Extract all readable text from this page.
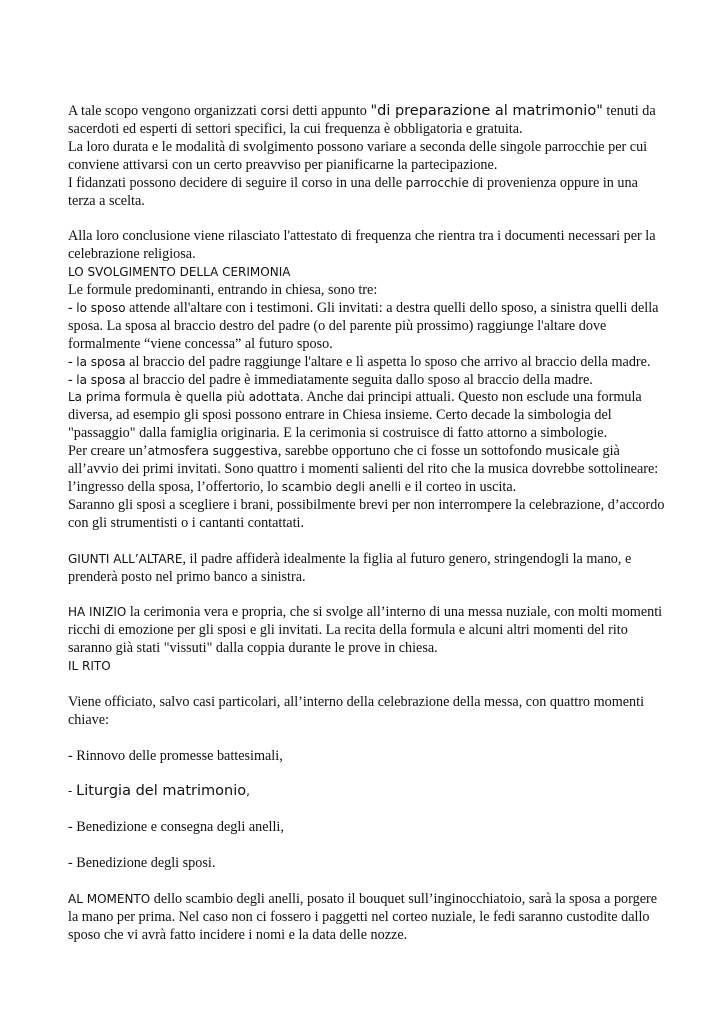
A tale scopo vengono organizzati corsi detti appunto "di preparazione al matrimonio" tenuti da sacerdoti ed esperti di settori specifici, la cui frequenza è obbligatoria e gratuita.

La loro durata e le modalità di svolgimento possono variare a seconda delle singole parrocchie per cui conviene attivarsi con un certo preavviso per pianificarne la partecipazione.

I fidanzati possono decidere di seguire il corso in una delle parrocchie di provenienza oppure in una terza a scelta.

Alla loro conclusione viene rilasciato l'attestato di frequenza che rientra tra i documenti necessari per la celebrazione religiosa.

LO SVOLGIMENTO DELLA CERIMONIA

Le formule predominanti, entrando in chiesa, sono tre:

- lo sposo attende all'altare con i testimoni. Gli invitati: a destra quelli dello sposo, a sinistra quelli della sposa. La sposa al braccio destro del padre (o del parente più prossimo) raggiunge l'altare dove formalmente “viene concessa” al futuro sposo.

- la sposa al braccio del padre raggiunge l'altare e lì aspetta lo sposo che arrivo al braccio della madre.

- la sposa al braccio del padre è immediatamente seguita dallo sposo al braccio della madre.

La prima formula è quella più adottata. Anche dai principi attuali. Questo non esclude una formula diversa, ad esempio gli sposi possono entrare in Chiesa insieme. Certo decade la simbologia del "passaggio" dalla famiglia originaria. E la cerimonia si costruisce di fatto attorno a simbologie.

Per creare un’atmosfera suggestiva, sarebbe opportuno che ci fosse un sottofondo musicale già all’avvio dei primi invitati. Sono quattro i momenti salienti del rito che la musica dovrebbe sottolineare: l’ingresso della sposa, l’offertorio, lo scambio degli anelli e il corteo in uscita.

Saranno gli sposi a scegliere i brani, possibilmente brevi per non interrompere la celebrazione, d’accordo con gli strumentisti o i cantanti contattati.

GIUNTI ALL’ALTARE, il padre affiderà idealmente la figlia al futuro genero, stringendogli la mano, e prenderà posto nel primo banco a sinistra.

HA INIZIO la cerimonia vera e propria, che si svolge all’interno di una messa nuziale, con molti momenti ricchi di emozione per gli sposi e gli invitati. La recita della formula e alcuni altri momenti del rito saranno già stati "vissuti" dalla coppia durante le prove in chiesa.

IL RITO

Viene officiato, salvo casi particolari, all’interno della celebrazione della messa, con quattro momenti chiave:

- Rinnovo delle promesse battesimali,

- Liturgia del matrimonio,

- Benedizione e consegna degli anelli,

- Benedizione degli sposi.

AL MOMENTO dello scambio degli anelli, posato il bouquet sull’inginocchiatoio, sarà la sposa a porgere la mano per prima. Nel caso non ci fossero i paggetti nel corteo nuziale, le fedi saranno custodite dallo sposo che vi avrà fatto incidere i nomi e la data delle nozze.
